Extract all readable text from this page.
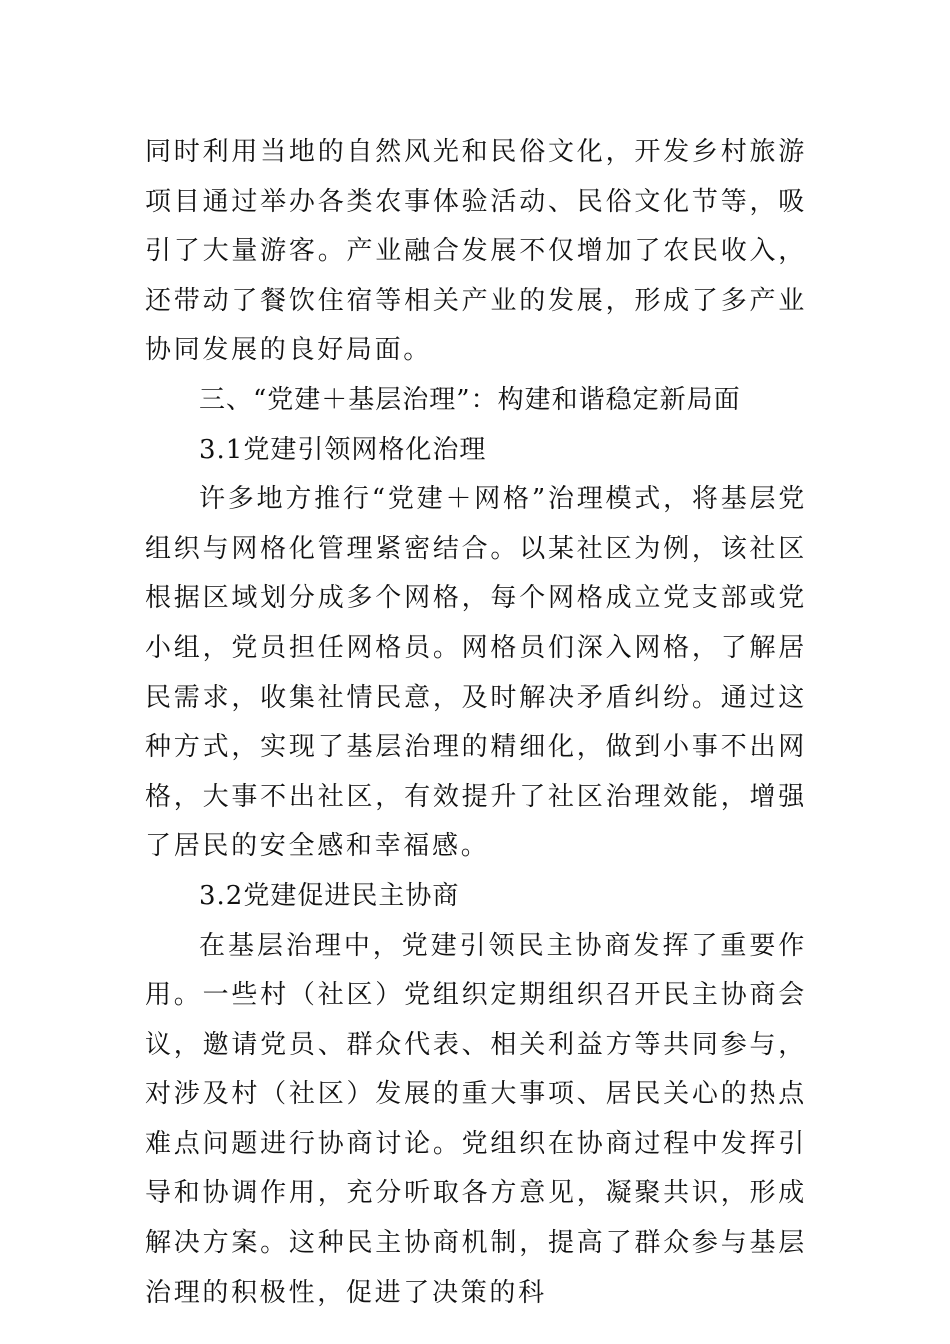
同时利用当地的自然风光和民俗文化，开发乡村旅游项目通过举办各类农事体验活动、民俗文化节等，吸引了大量游客。产业融合发展不仅增加了农民收入，还带动了餐饮住宿等相关产业的发展，形成了多产业协同发展的良好局面。

三、“党建＋基层治理”：构建和谐稳定新局面

3.1党建引领网格化治理

许多地方推行“党建＋网格”治理模式，将基层党组织与网格化管理紧密结合。以某社区为例，该社区根据区域划分成多个网格，每个网格成立党支部或党小组，党员担任网格员。网格员们深入网格，了解居民需求，收集社情民意，及时解决矛盾纠纷。通过这种方式，实现了基层治理的精细化，做到小事不出网格，大事不出社区，有效提升了社区治理效能，增强了居民的安全感和幸福感。

3.2党建促进民主协商

在基层治理中，党建引领民主协商发挥了重要作用。一些村（社区）党组织定期组织召开民主协商会议，邀请党员、群众代表、相关利益方等共同参与，对涉及村（社区）发展的重大事项、居民关心的热点难点问题进行协商讨论。党组织在协商过程中发挥引导和协调作用，充分听取各方意见，凝聚共识，形成解决方案。这种民主协商机制，提高了群众参与基层治理的积极性，促进了决策的科
